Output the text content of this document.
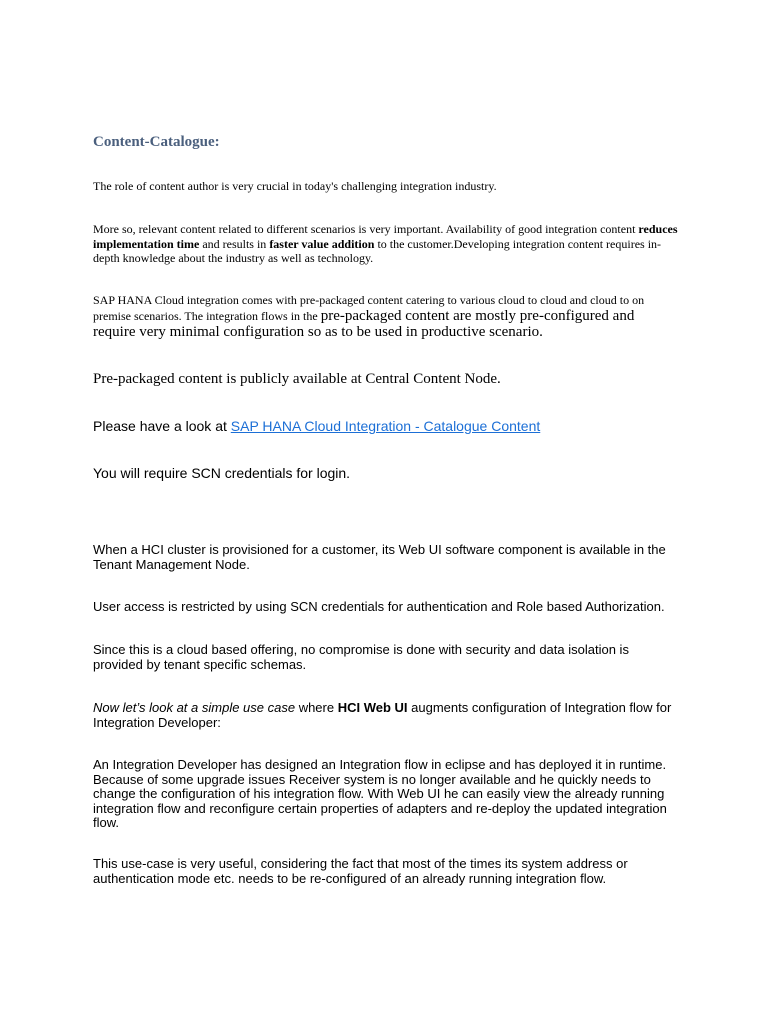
Content-Catalogue:

The role of content author is very crucial in today's challenging integration industry.

More so, relevant content related to different scenarios is very important. Availability of good integration content reduces implementation time and results in faster value addition to the customer.Developing integration content requires in-depth knowledge about the industry as well as technology.

SAP HANA Cloud integration comes with pre-packaged content catering to various cloud to cloud and cloud to on premise scenarios. The integration flows in the pre-packaged content are mostly pre-configured and require very minimal configuration so as to be used in productive scenario.

Pre-packaged content is publicly available at Central Content Node.

Please have a look at SAP HANA Cloud Integration - Catalogue Content

You will require SCN credentials for login.

When a HCI cluster is provisioned for a customer, its Web UI software component is available in the Tenant Management Node.

User access is restricted by using SCN credentials for authentication and Role based Authorization.

Since this is a cloud based offering, no compromise is done with security and data isolation is provided by tenant specific schemas.

Now let’s look at a simple use case where HCI Web UI augments configuration of Integration flow for Integration Developer:

An Integration Developer has designed an Integration flow in eclipse and has deployed it in runtime. Because of some upgrade issues Receiver system is no longer available and he quickly needs to change the configuration of his integration flow. With Web UI he can easily view the already running integration flow and reconfigure certain properties of adapters and re-deploy the updated integration flow.

This use-case is very useful, considering the fact that most of the times its system address or authentication mode etc. needs to be re-configured of an already running integration flow.
